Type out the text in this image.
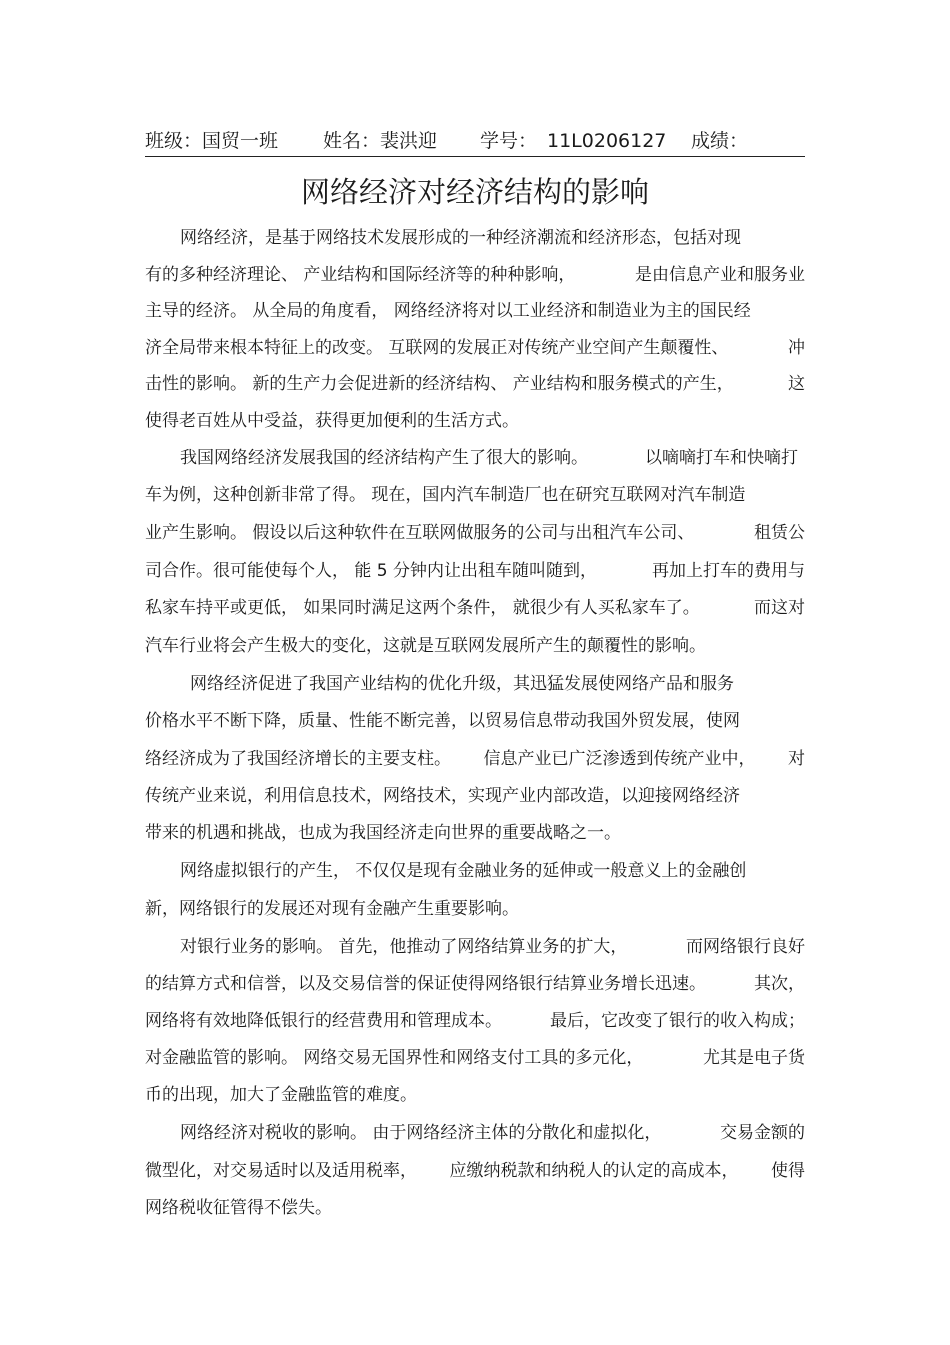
班级：国贸一班 姓名：裴洪迎 学号： 11L0206127 成绩：
网络经济对经济结构的影响
网络经济，是基于网络技术发展形成的一种经济潮流和经济形态，包括对现
有的多种经济理论、 产业结构和国际经济等的种种影响，	是由信息产业和服务业
主导的经济。 从全局的角度看， 网络经济将对以工业经济和制造业为主的国民经
济全局带来根本特征上的改变。 互联网的发展正对传统产业空间产生颠覆性、	冲
击性的影响。 新的生产力会促进新的经济结构、 产业结构和服务模式的产生，	这
使得老百姓从中受益，获得更加便利的生活方式。
我国网络经济发展我国的经济结构产生了很大的影响。	以嘀嘀打车和快嘀打
车为例，这种创新非常了得。 现在，国内汽车制造厂也在研究互联网对汽车制造
业产生影响。 假设以后这种软件在互联网做服务的公司与出租汽车公司、	租赁公
司合作。很可能使每个人， 能 5 分钟内让出租车随叫随到，	再加上打车的费用与
私家车持平或更低， 如果同时满足这两个条件， 就很少有人买私家车了。	而这对
汽车行业将会产生极大的变化，这就是互联网发展所产生的颠覆性的影响。
网络经济促进了我国产业结构的优化升级，其迅猛发展使网络产品和服务
价格水平不断下降，质量、性能不断完善，以贸易信息带动我国外贸发展，使网
络经济成为了我国经济增长的主要支柱。 信息产业已广泛渗透到传统产业中， 对
传统产业来说，利用信息技术，网络技术，实现产业内部改造，以迎接网络经济
带来的机遇和挑战，也成为我国经济走向世界的重要战略之一。
网络虚拟银行的产生， 不仅仅是现有金融业务的延伸或一般意义上的金融创
新，网络银行的发展还对现有金融产生重要影响。
对银行业务的影响。 首先，他推动了网络结算业务的扩大，	而网络银行良好
的结算方式和信誉，以及交易信誉的保证使得网络银行结算业务增长迅速。	其次，
网络将有效地降低银行的经营费用和管理成本。	最后，它改变了银行的收入构成；
对金融监管的影响。 网络交易无国界性和网络支付工具的多元化，	尤其是电子货
币的出现，加大了金融监管的难度。
网络经济对税收的影响。 由于网络经济主体的分散化和虚拟化，	交易金额的
微型化，对交易适时以及适用税率， 应缴纳税款和纳税人的认定的高成本， 使得
网络税收征管得不偿失。
